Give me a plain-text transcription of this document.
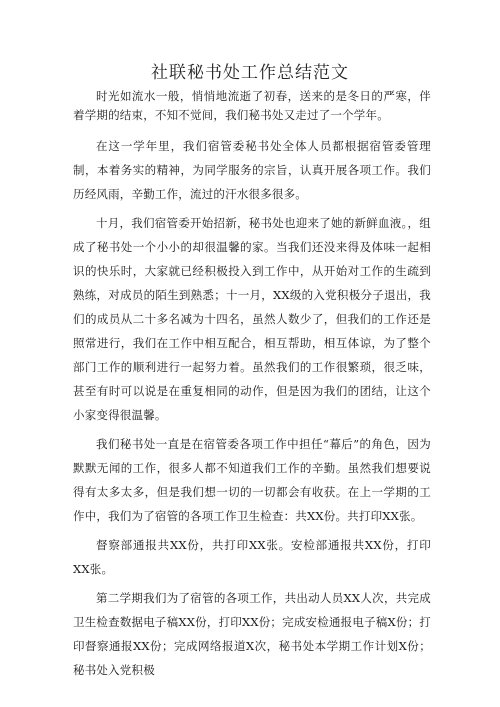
社联秘书处工作总结范文

时光如流水一般，悄悄地流逝了初春，送来的是冬日的严寒，伴着学期的结束，不知不觉间，我们秘书处又走过了一个学年。

在这一学年里，我们宿管委秘书处全体人员都根据宿管委管理制，本着务实的精神，为同学服务的宗旨，认真开展各项工作。我们历经风雨，辛勤工作，流过的汗水很多很多。

十月，我们宿管委开始招新，秘书处也迎来了她的新鲜血液。，组成了秘书处一个小小的却很温馨的家。当我们还没来得及体味一起相识的快乐时，大家就已经积极投入到工作中，从开始对工作的生疏到熟练，对成员的陌生到熟悉；十一月，XX级的入党积极分子退出，我们的成员从二十多名减为十四名，虽然人数少了，但我们的工作还是照常进行，我们在工作中相互配合，相互帮助，相互体谅，为了整个部门工作的顺利进行一起努力着。虽然我们的工作很繁琐，很乏味，甚至有时可以说是在重复相同的动作，但是因为我们的团结，让这个小家变得很温馨。

我们秘书处一直是在宿管委各项工作中担任“幕后”的角色，因为默默无闻的工作，很多人都不知道我们工作的辛勤。虽然我们想要说得有太多太多，但是我们想一切的一切都会有收获。在上一学期的工作中，我们为了宿管的各项工作卫生检查：共XX份。共打印XX张。

督察部通报共XX份，共打印XX张。安检部通报共XX份，打印XX张。

第二学期我们为了宿管的各项工作，共出动人员XX人次，共完成卫生检查数据电子稿XX份，打印XX份；完成安检通报电子稿X份；打印督察通报XX份；完成网络报道X次，秘书处本学期工作计划X份；秘书处入党积极
